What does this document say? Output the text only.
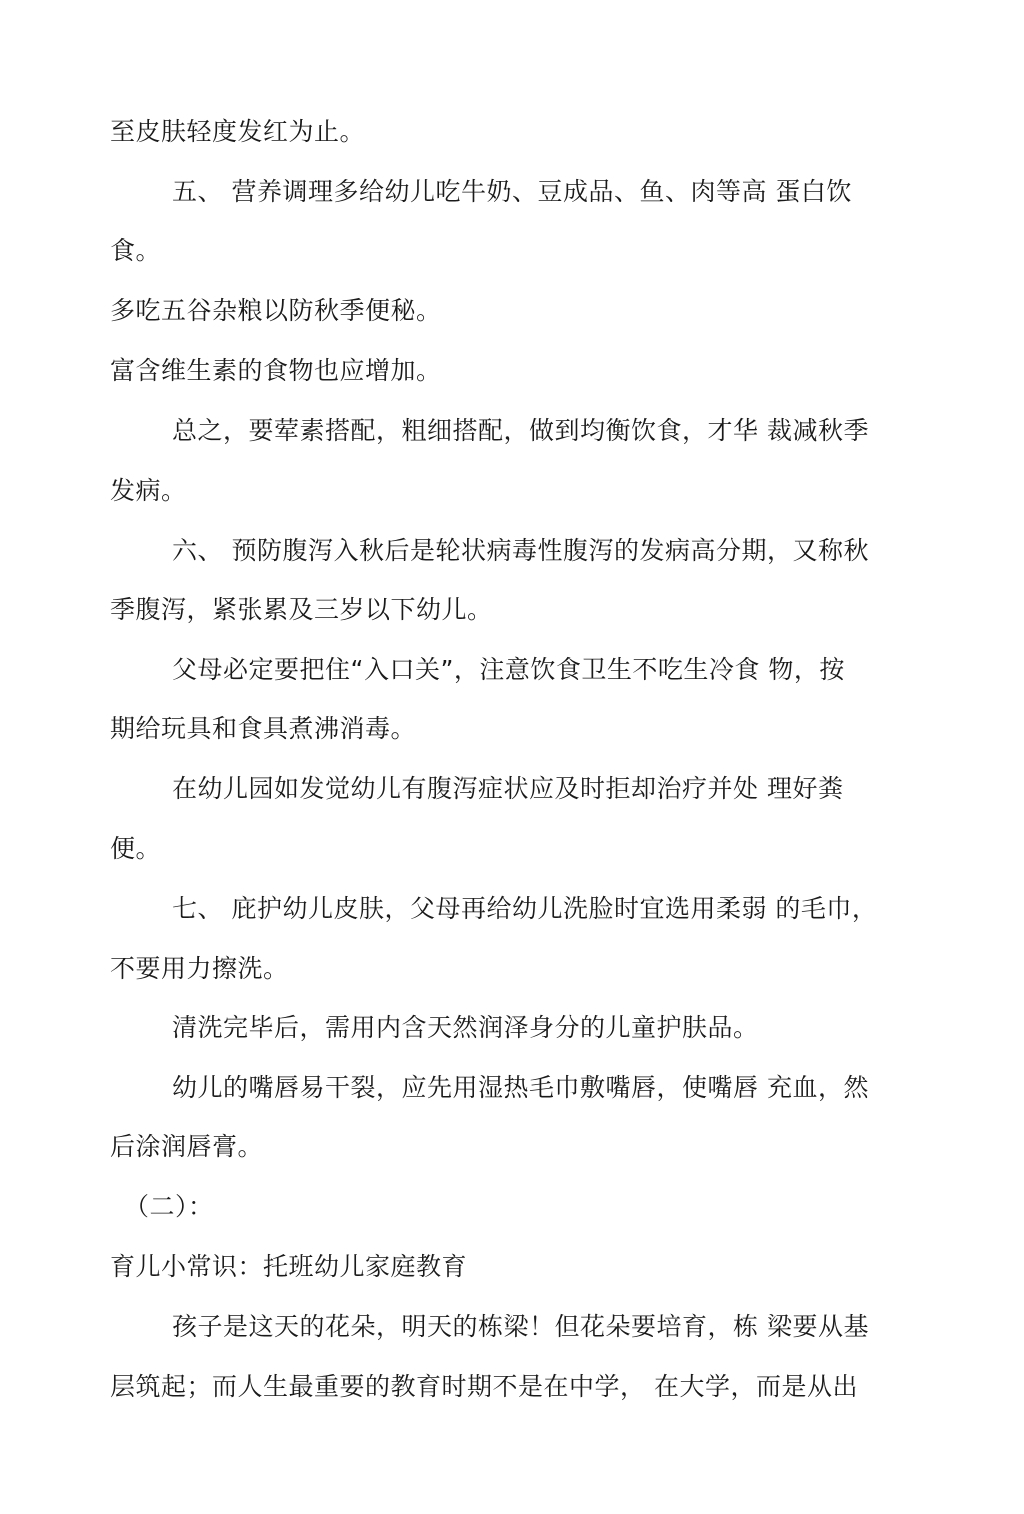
至皮肤轻度发红为止。
五、 营养调理多给幼儿吃牛奶、豆成品、鱼、肉等高 蛋白饮
食。
多吃五谷杂粮以防秋季便秘。
富含维生素的食物也应增加。
总之，要荤素搭配，粗细搭配，做到均衡饮食，才华 裁减秋季
发病。
六、 预防腹泻入秋后是轮状病毒性腹泻的发病高分期，又称秋
季腹泻，紧张累及三岁以下幼儿。
父母必定要把住“入口关”，注意饮食卫生不吃生冷食 物，按
期给玩具和食具煮沸消毒。
在幼儿园如发觉幼儿有腹泻症状应及时拒却治疗并处 理好粪
便。
七、 庇护幼儿皮肤，父母再给幼儿洗脸时宜选用柔弱 的毛巾，
不要用力擦洗。
清洗完毕后，需用内含天然润泽身分的儿童护肤品。
幼儿的嘴唇易干裂，应先用湿热毛巾敷嘴唇，使嘴唇 充血，然
后涂润唇膏。
（二）：
育儿小常识：托班幼儿家庭教育
孩子是这天的花朵，明天的栋梁！但花朵要培育，栋 梁要从基
层筑起；而人生最重要的教育时期不是在中学， 在大学，而是从出
